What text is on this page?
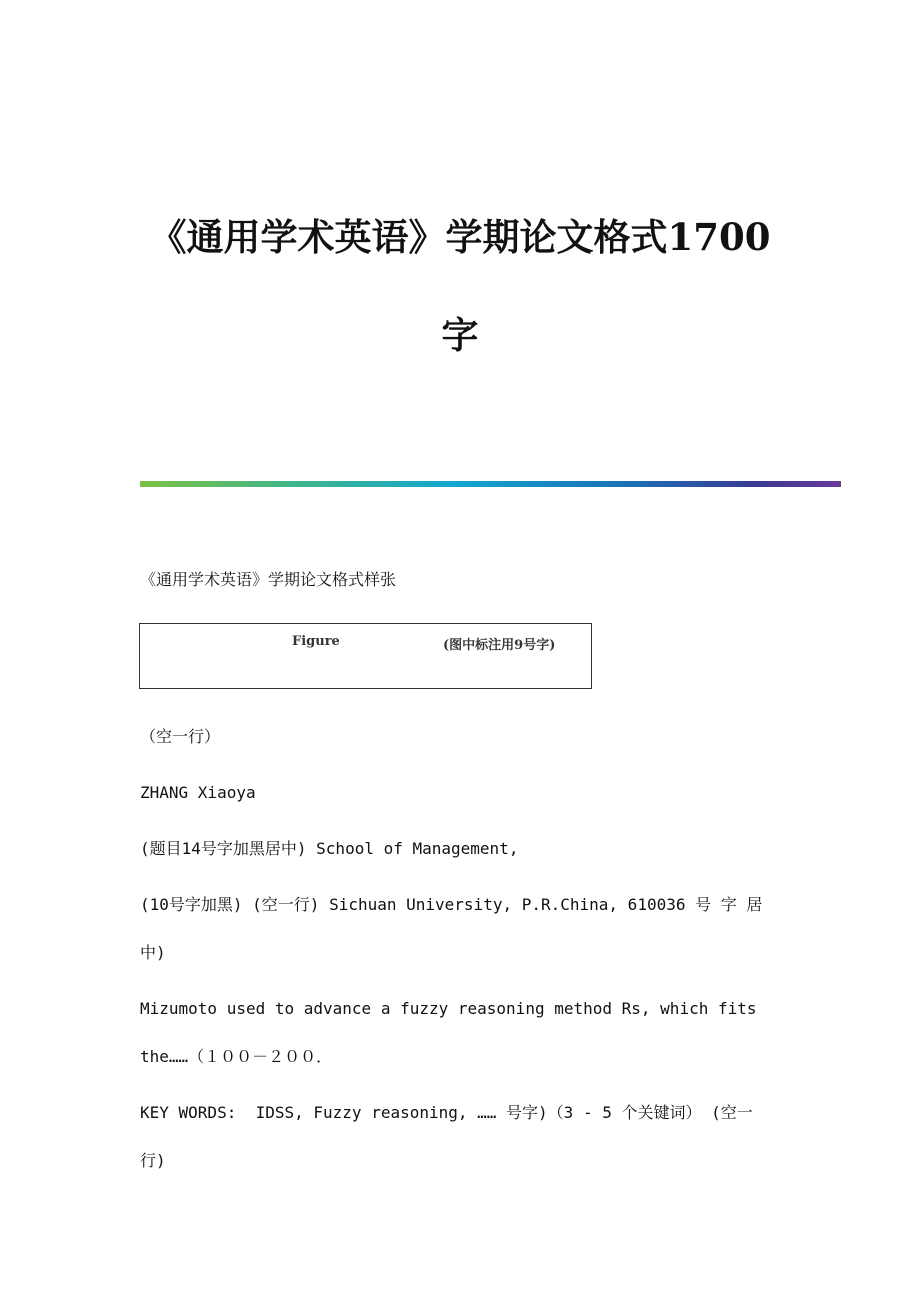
《通用学术英语》学期论文格式1700
字

《通用学术英语》学期论文格式样张

Figure	(图中标注用9号字)

（空一行）

ZHANG Xiaoya

(题目14号字加黑居中) School of Management,

(10号字加黑) (空一行) Sichuan University, P.R.China, 610036 号 字 居

中)

Mizumoto used to advance a fuzzy reasoning method Rs, which fits

the……（１００－２００．

KEY WORDS:  IDSS, Fuzzy reasoning, …… 号字)（3 - 5 个关键词） (空一

行)
